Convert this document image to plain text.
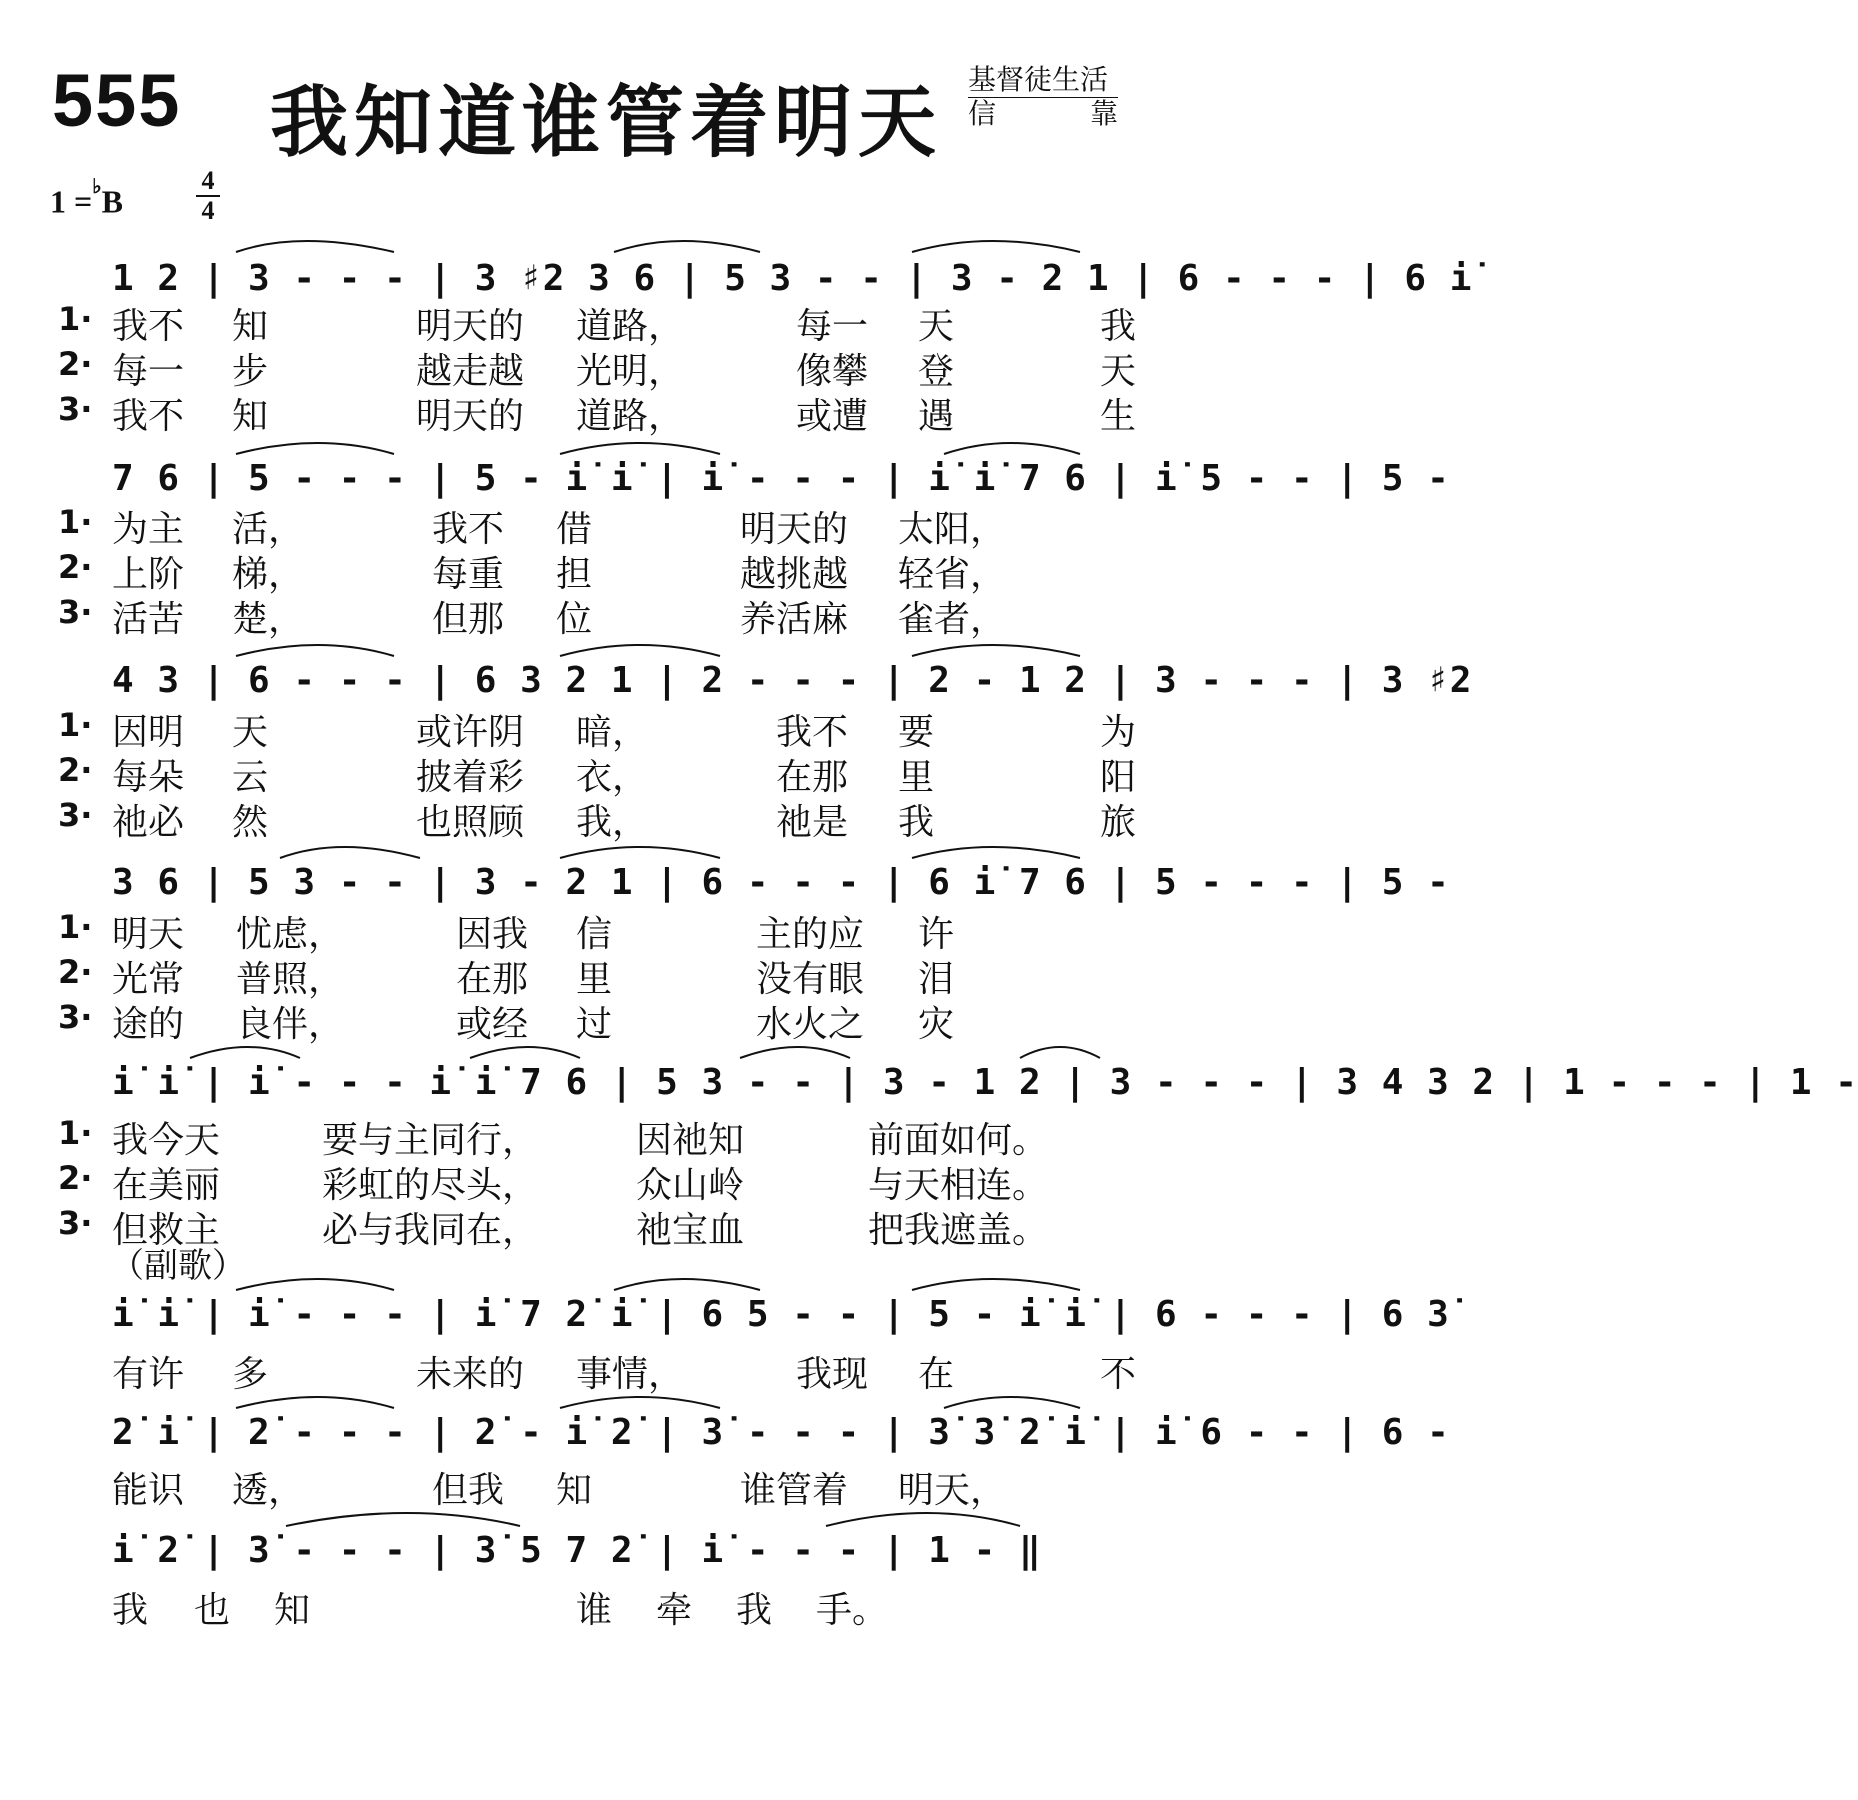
555 我知道谁管着明天 基督徒生活
信	靠
1 =♭B
4
4
1 2 | 3 - - - | 3 ♯2 3 6 | 5 3 - - | 3 - 2 1 | 6 - - - | 6 i̇
1· 我不 知	明天的 道路，	每一 天	我
2· 每一 步	越走越 光明，	像攀 登	天
3· 我不 知	明天的 道路，	或遭 遇	生
7 6 | 5 - - - | 5 - i̇ i̇ | i̇ - - - | i̇ i̇ 7 6 | i̇ 5 - - | 5 -
1· 为主 活，	我不 借	明天的 太阳，
2· 上阶 梯，	每重 担	越挑越 轻省，
3· 活苦 楚，	但那 位	养活麻 雀者，
4 3 | 6 - - - | 6 3 2 1 | 2 - - - | 2 - 1 2 | 3 - - - | 3 ♯2
1· 因明 天	或许阴 暗，	我不 要	为
2· 每朵 云	披着彩 衣，	在那 里	阳
3· 祂必 然	也照顾 我，	祂是 我	旅
3 6 | 5 3 - - | 3 - 2 1 | 6 - - - | 6 i̇ 7 6 | 5 - - - | 5 -
1· 明天 忧虑，	因我 信	主的应 许
2· 光常 普照，	在那 里	没有眼 泪
3· 途的 良伴，	或经 过	水火之 灾
i̇ i̇ | i̇ - - - i̇ i̇ 7 6 | 5 3 - - | 3 - 1 2 | 3 - - - | 3 4 3 2 | 1 - - - | 1 -
1· 我今天	要与主同行，	因祂知	前面如何。
2· 在美丽	彩虹的尽头，	众山岭	与天相连。
3· 但救主	必与我同在，	祂宝血	把我遮盖。
（副歌）
i̇ i̇ | i̇ - - - | i̇ 7 2̇ i̇ | 6 5 - - | 5 - i̇ i̇ | 6 - - - | 6 3̇
有许 多	未来的 事情，	我现 在	不
2̇ i̇ | 2̇ - - - | 2̇ - i̇ 2̇ | 3̇ - - - | 3̇ 3̇ 2̇ i̇ | i̇ 6 - - | 6 -
能识 透，	但我 知	谁管着 明天，
i̇ 2̇ | 3̇ - - - | 3̇ 5 7 2̇ | i̇ - - - | 1 - ‖
我 也 知	谁 牵 我 手。
